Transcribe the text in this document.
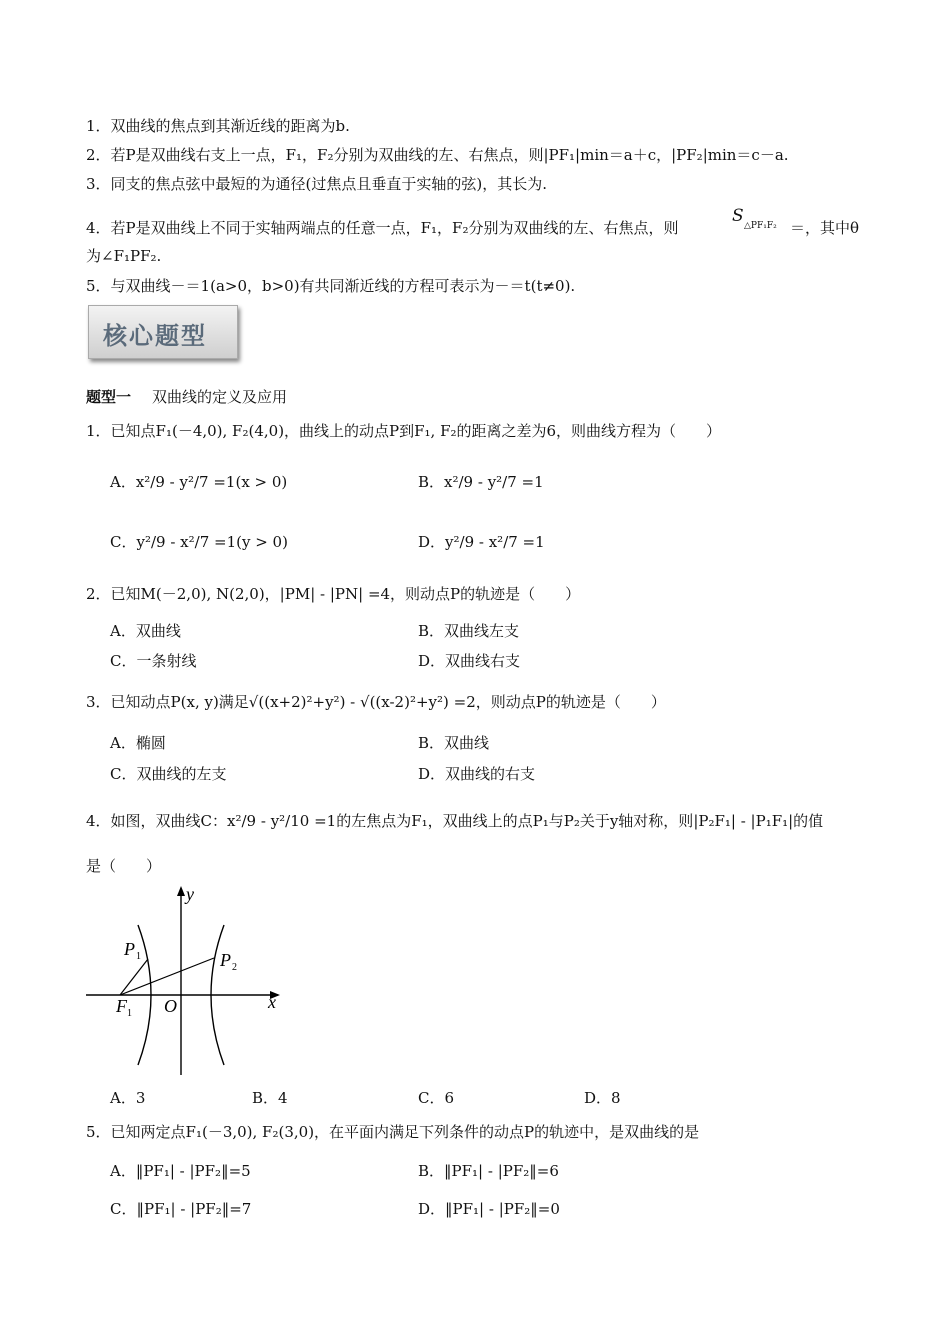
1．双曲线的焦点到其渐近线的距离为b.
2．若P是双曲线右支上一点，F₁，F₂分别为双曲线的左、右焦点，则|PF₁|min＝a＋c，|PF₂|min＝c－a.
3．同支的焦点弦中最短的为通径(过焦点且垂直于实轴的弦)，其长为.
4．若P是双曲线上不同于实轴两端点的任意一点，F₁，F₂分别为双曲线的左、右焦点，则
S △PF₁F₂ ＝，其中θ
为∠F₁PF₂.
5．与双曲线－＝1(a>0，b>0)有共同渐近线的方程可表示为－＝t(t≠0).
核心题型
题型一 双曲线的定义及应用
1．已知点F₁(－4,0), F₂(4,0)，曲线上的动点P到F₁, F₂的距离之差为6，则曲线方程为（　　）
A．x²/9 - y²/7 =1(x > 0)	B．x²/9 - y²/7 =1
C．y²/9 - x²/7 =1(y > 0)	D．y²/9 - x²/7 =1
2．已知M(－2,0), N(2,0)，|PM| - |PN| =4，则动点P的轨迹是（　　）
A．双曲线	B．双曲线左支
C．一条射线	D．双曲线右支
3．已知动点P(x, y)满足√((x+2)²+y²) - √((x-2)²+y²) =2，则动点P的轨迹是（　　）
A．椭圆	B．双曲线
C．双曲线的左支	D．双曲线的右支
4．如图，双曲线C：x²/9 - y²/10 =1的左焦点为F₁，双曲线上的点P₁与P₂关于y轴对称，则|P₂F₁| - |P₁F₁|的值
是（　　）
P 1	P 2
F 1 O	x
y
A．3	B．4	C．6	D．8
5．已知两定点F₁(－3,0), F₂(3,0)，在平面内满足下列条件的动点P的轨迹中，是双曲线的是
A．‖PF₁| - |PF₂‖=5	B．‖PF₁| - |PF₂‖=6
C．‖PF₁| - |PF₂‖=7	D．‖PF₁| - |PF₂‖=0
